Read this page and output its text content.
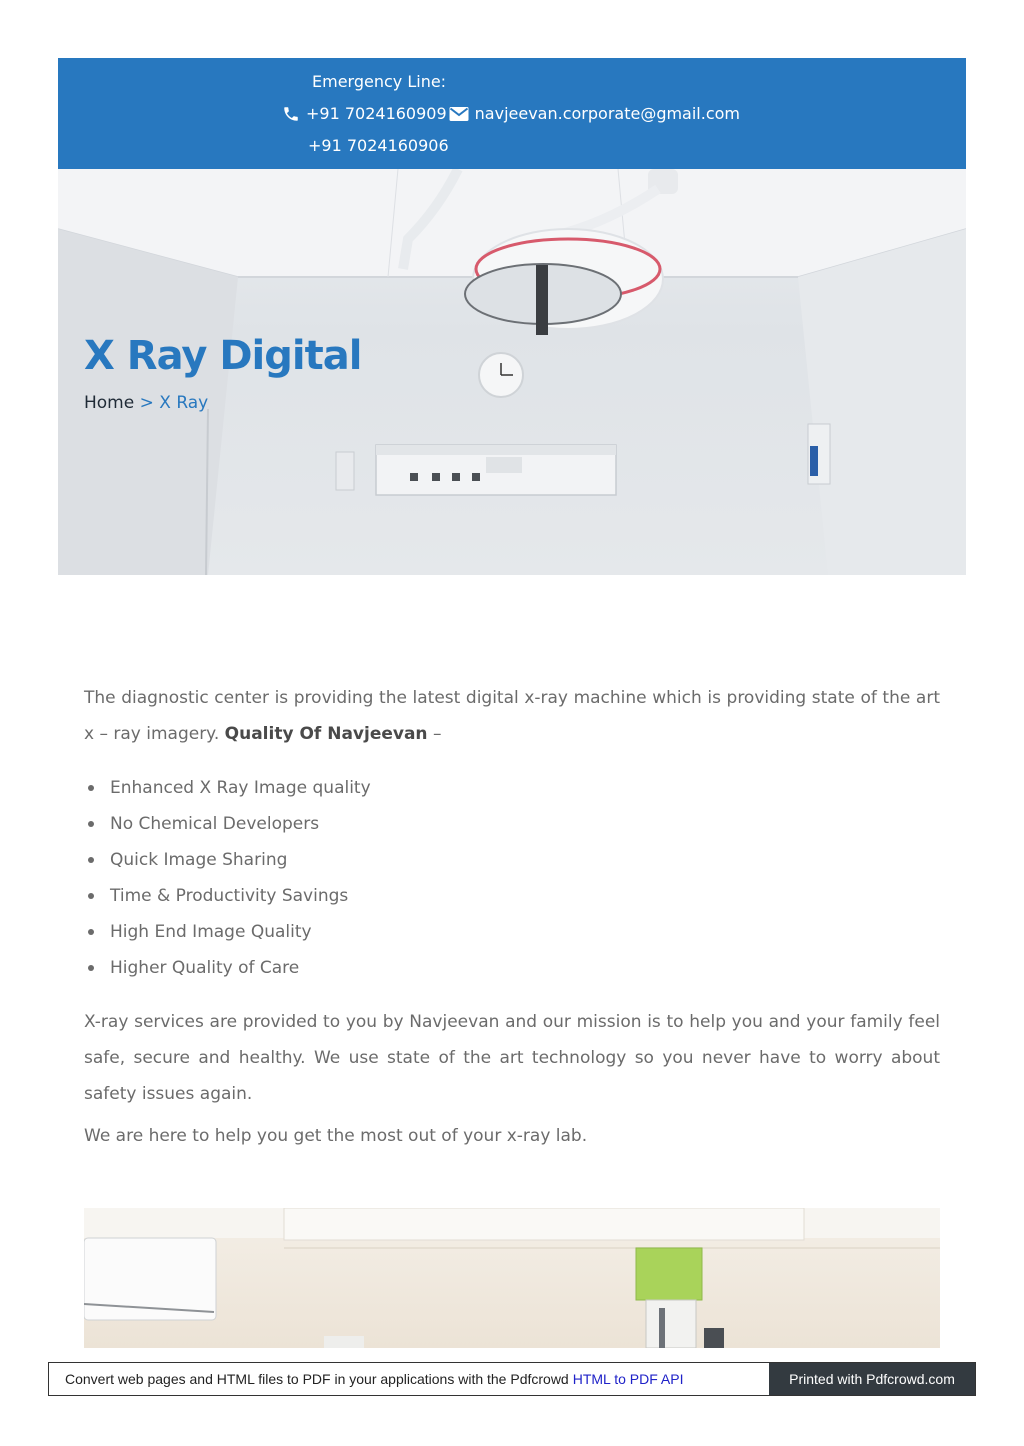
Emergency Line:
+91 7024160909 navjeevan.corporate@gmail.com
+91 7024160906
X Ray Digital
Home > X Ray

The diagnostic center is providing the latest digital x-ray machine which is providing state of the art x – ray imagery. Quality Of Navjeevan –

Enhanced X Ray Image quality
No Chemical Developers
Quick Image Sharing
Time & Productivity Savings
High End Image Quality
Higher Quality of Care

X-ray services are provided to you by Navjeevan and our mission is to help you and your family feel safe, secure and healthy. We use state of the art technology so you never have to worry about safety issues again.

We are here to help you get the most out of your x-ray lab.

Convert web pages and HTML files to PDF in your applications with the Pdfcrowd HTML to PDF API	Printed with Pdfcrowd.com
